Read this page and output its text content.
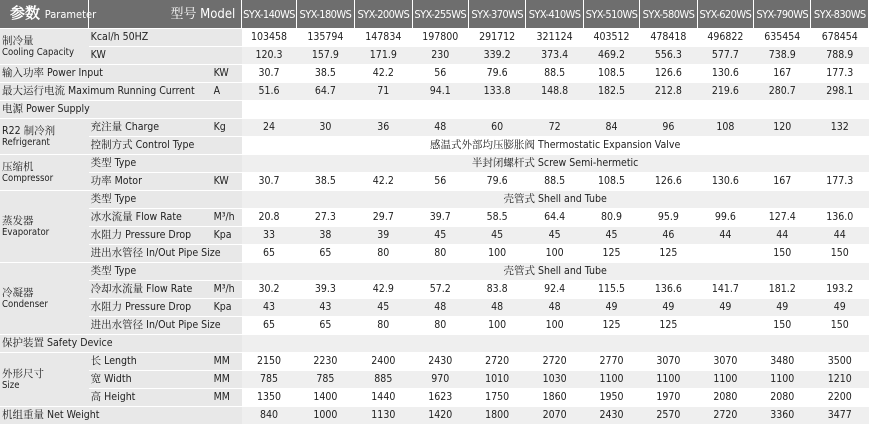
参数 Parameter	型号 Model		SYX-140WS	SYX-180WS	SYX-200WS	SYX-255WS	SYX-370WS	SYX-410WS	SYX-510WS	SYX-580WS	SYX-620WS	SYX-790WS	SYX-830WS

制冷量
Cooling Capacity	Kcal/h 50HZ		103458	135794	147834	197800	291712	321124	403512	478418	496822	635454	678454
	KW		120.3	157.9	171.9	230	339.2	373.4	469.2	556.3	577.7	738.9	788.9
输入功率 Power Input		KW	30.7	38.5	42.2	56	79.6	88.5	108.5	126.6	130.6	167	177.3
最大运行电流 Maximum Running Current		A	51.6	64.7	71	94.1	133.8	148.8	182.5	212.8	219.6	280.7	298.1
电源 Power Supply													

R22 制冷剂
Refrigerant	充注量 Charge	Kg	24	30	36	48	60	72	84	96	108	120	132
	控制方式 Control Type		感温式外部均压膨胀阀 Thermostatic Expansion Valve										

压缩机
Compressor	类型 Type		半封闭螺杆式 Screw Semi-hermetic										
	功率 Motor	KW	30.7	38.5	42.2	56	79.6	88.5	108.5	126.6	130.6	167	177.3

蒸发器
Evaporator	类型 Type		壳管式 Shell and Tube										
	冰水流量 Flow Rate	M³/h	20.8	27.3	29.7	39.7	58.5	64.4	80.9	95.9	99.6	127.4	136.0
	水阻力 Pressure Drop	Kpa	33	38	39	45	45	45	45	46	44	44	44
	进出水管径 In/Out Pipe Size		65	65	80	80	100	100	125	125		150	150

冷凝器
Condenser	类型 Type		壳管式 Shell and Tube										
	冷却水流量 Flow Rate	M³/h	30.2	39.3	42.9	57.2	83.8	92.4	115.5	136.6	141.7	181.2	193.2
	水阻力 Pressure Drop	Kpa	43	43	45	48	48	48	49	49	49	49	49
	进出水管径 In/Out Pipe Size		65	65	80	80	100	100	125	125		150	150
保护装置 Safety Device													

外形尺寸
Size	长 Length	MM	2150	2230	2400	2430	2720	2720	2770	3070	3070	3480	3500
	宽 Width	MM	785	785	885	970	1010	1030	1100	1100	1100	1100	1210
	高 Height	MM	1350	1400	1440	1623	1750	1860	1950	1970	2080	2080	2200
机组重量 Net Weight			840	1000	1130	1420	1800	2070	2430	2570	2720	3360	3477
